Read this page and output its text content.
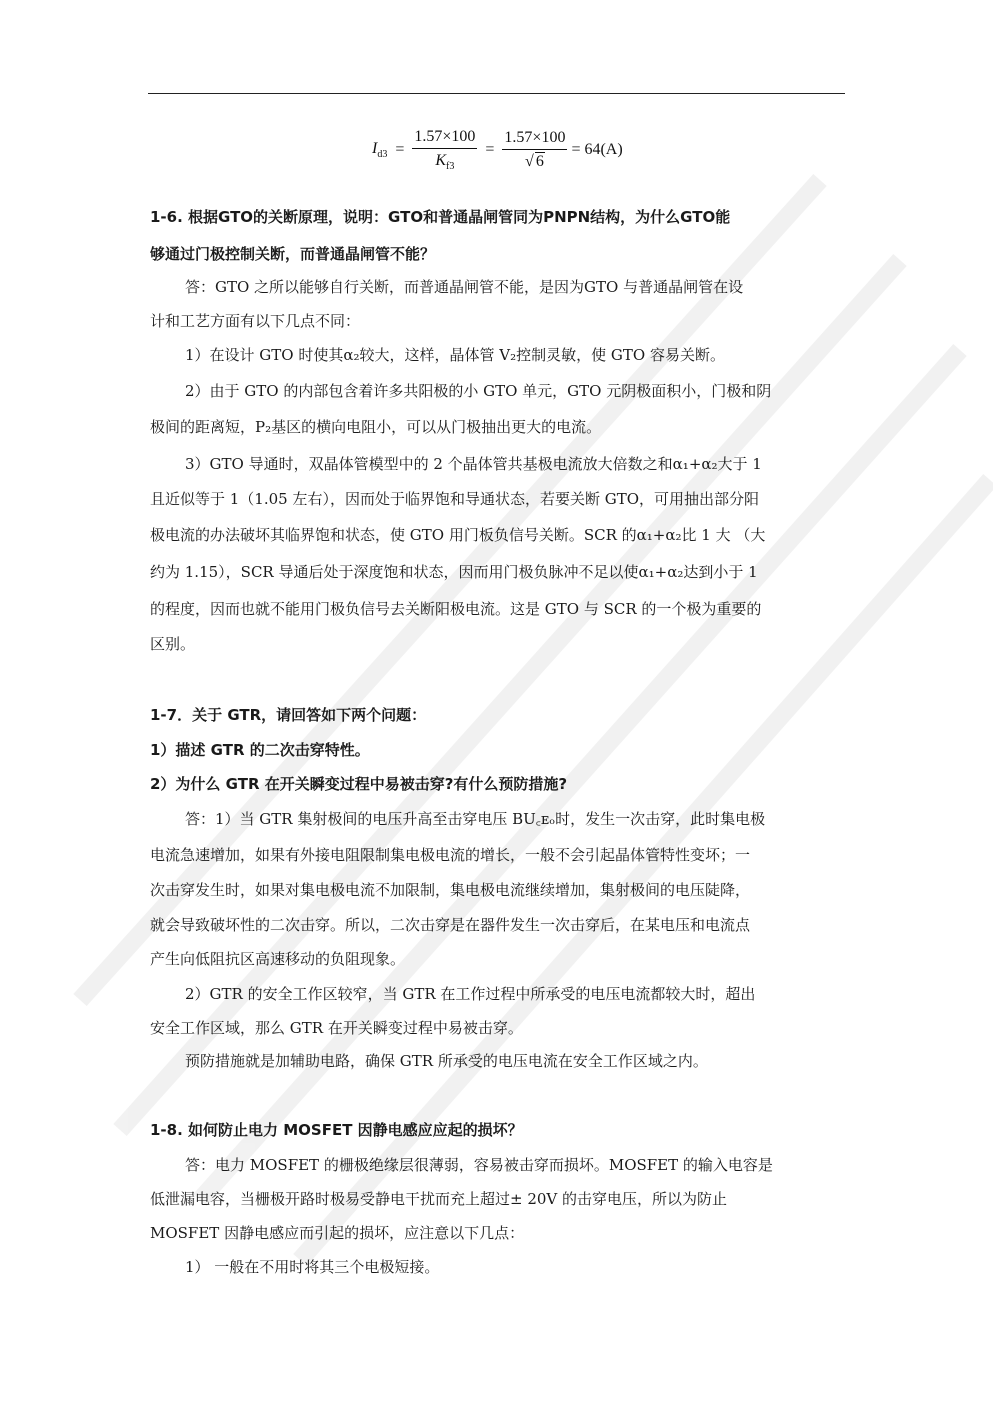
$I_{d3} = \frac{1.57\times 100}{K_{f3}} = \frac{1.57\times 100}{√ 6} = 64(A)$

1-6. 根据GTO的关断原理，说明：GTO和普通晶闸管同为PNPN结构，为什么GTO能

够通过门极控制关断，而普通晶闸管不能？

答：GTO 之所以能够自行关断，而普通晶闸管不能，是因为GTO 与普通晶闸管在设

计和工艺方面有以下几点不同：

1）在设计 GTO 时使其α₂较大，这样，晶体管 V₂控制灵敏，使 GTO 容易关断。

2）由于 GTO 的内部包含着许多共阳极的小 GTO 单元，GTO 元阴极面积小，门极和阴

极间的距离短，P₂基区的横向电阻小，可以从门极抽出更大的电流。

3）GTO 导通时，双晶体管模型中的 2 个晶体管共基极电流放大倍数之和α₁+α₂大于 1

且近似等于 1（1.05 左右），因而处于临界饱和导通状态，若要关断 GTO，可用抽出部分阳

极电流的办法破坏其临界饱和状态，使 GTO 用门板负信号关断。SCR 的α₁+α₂比 1 大 （大

约为 1.15），SCR 导通后处于深度饱和状态，因而用门极负脉冲不足以使α₁+α₂达到小于 1

的程度，因而也就不能用门极负信号去关断阳极电流。这是 GTO 与 SCR 的一个极为重要的

区别。

1-7．关于 GTR，请回答如下两个问题：

1）描述 GTR 的二次击穿特性。

2）为什么 GTR 在开关瞬变过程中易被击穿?有什么预防措施?

答：1）当 GTR 集射极间的电压升高至击穿电压 BU꜀ᴇₒ时，发生一次击穿，此时集电极

电流急速增加，如果有外接电阻限制集电极电流的增长，一般不会引起晶体管特性变坏；一

次击穿发生时，如果对集电极电流不加限制，集电极电流继续增加，集射极间的电压陡降，

就会导致破坏性的二次击穿。所以，二次击穿是在器件发生一次击穿后，在某电压和电流点

产生向低阻抗区高速移动的负阻现象。

2）GTR 的安全工作区较窄，当 GTR 在工作过程中所承受的电压电流都较大时，超出

安全工作区域，那么 GTR 在开关瞬变过程中易被击穿。

预防措施就是加辅助电路，确保 GTR 所承受的电压电流在安全工作区域之内。

1-8. 如何防止电力 MOSFET 因静电感应应起的损坏？

答：电力 MOSFET 的栅极绝缘层很薄弱，容易被击穿而损坏。MOSFET 的输入电容是

低泄漏电容，当栅极开路时极易受静电干扰而充上超过± 20V 的击穿电压，所以为防止

MOSFET 因静电感应而引起的损坏，应注意以下几点：

1） 一般在不用时将其三个电极短接。
